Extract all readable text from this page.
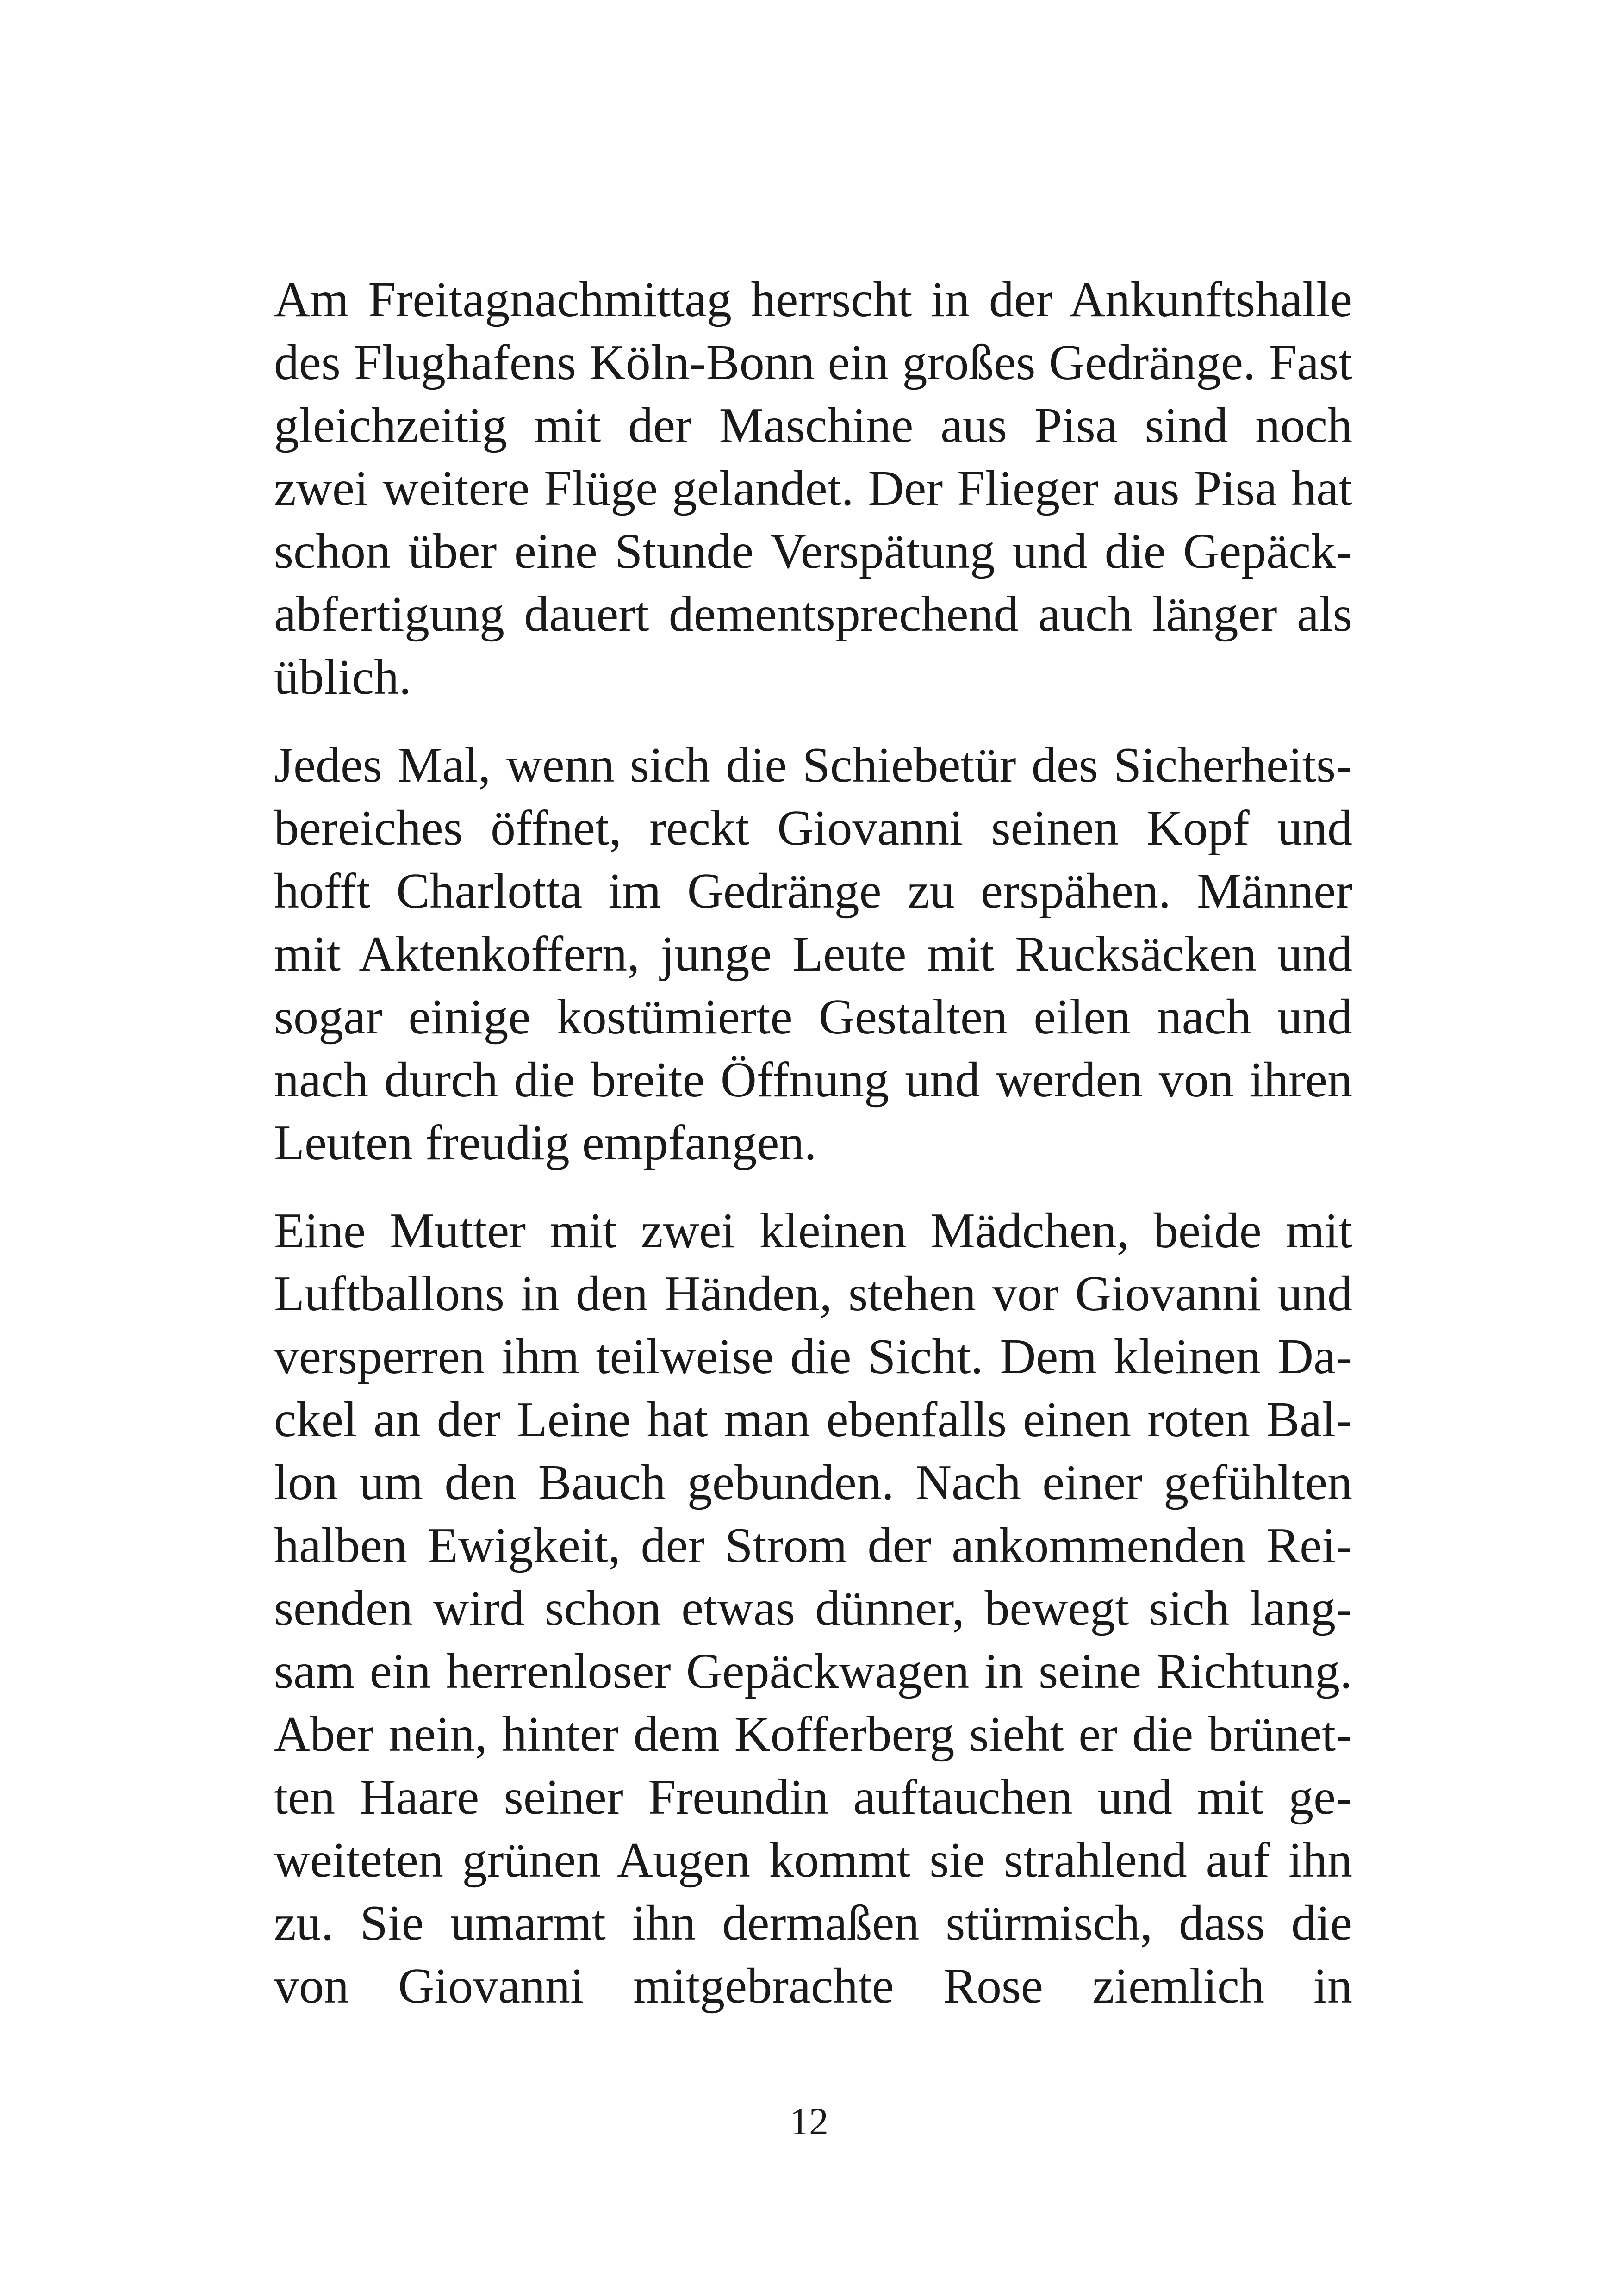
Am Freitagnachmittag herrscht in der Ankunftshalle
des Flughafens Köln-Bonn ein großes Gedränge. Fast
gleichzeitig mit der Maschine aus Pisa sind noch
zwei weitere Flüge gelandet. Der Flieger aus Pisa hat
schon über eine Stunde Verspätung und die Gepäck-
abfertigung dauert dementsprechend auch länger als
üblich.

Jedes Mal, wenn sich die Schiebetür des Sicherheits-
bereiches öffnet, reckt Giovanni seinen Kopf und
hofft Charlotta im Gedränge zu erspähen. Männer
mit Aktenkoffern, junge Leute mit Rucksäcken und
sogar einige kostümierte Gestalten eilen nach und
nach durch die breite Öffnung und werden von ihren
Leuten freudig empfangen.

Eine Mutter mit zwei kleinen Mädchen, beide mit
Luftballons in den Händen, stehen vor Giovanni und
versperren ihm teilweise die Sicht. Dem kleinen Da-
ckel an der Leine hat man ebenfalls einen roten Bal-
lon um den Bauch gebunden. Nach einer gefühlten
halben Ewigkeit, der Strom der ankommenden Rei-
senden wird schon etwas dünner, bewegt sich lang-
sam ein herrenloser Gepäckwagen in seine Richtung.
Aber nein, hinter dem Kofferberg sieht er die brünet-
ten Haare seiner Freundin auftauchen und mit ge-
weiteten grünen Augen kommt sie strahlend auf ihn
zu. Sie umarmt ihn dermaßen stürmisch, dass die
von Giovanni mitgebrachte Rose ziemlich in

12
